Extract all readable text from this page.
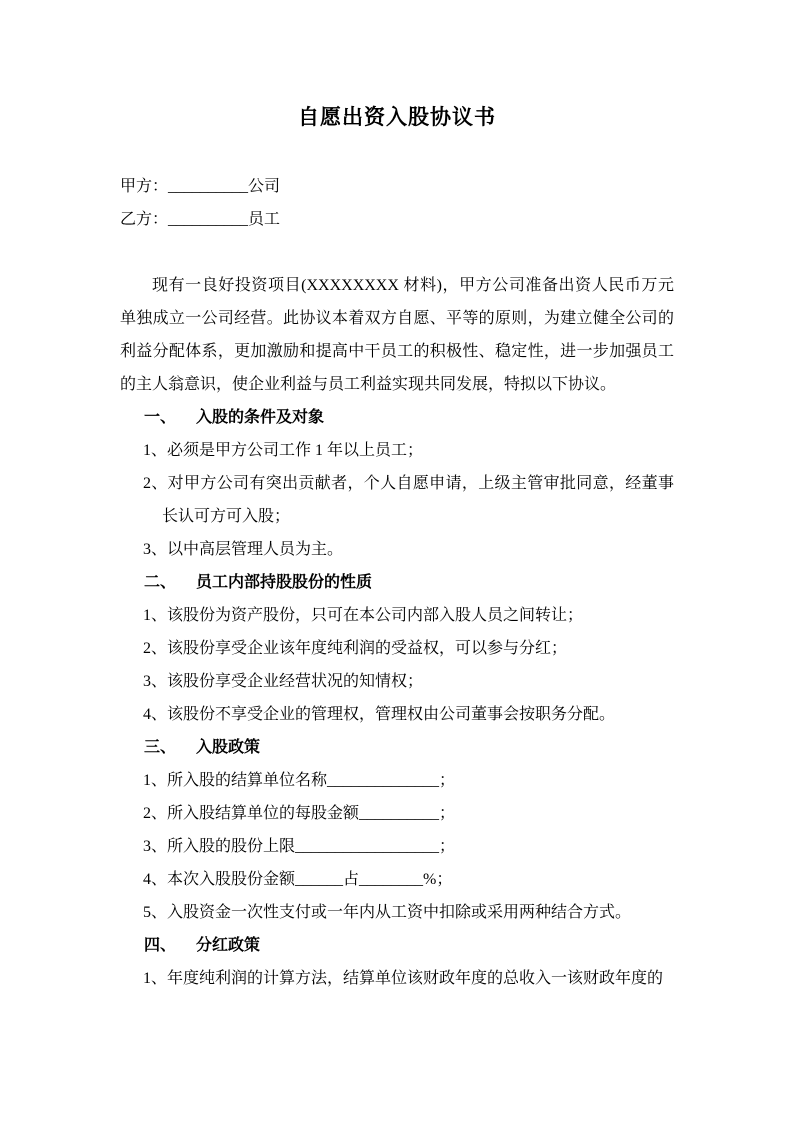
自愿出资入股协议书
甲方：__________公司
乙方：__________员工
现有一良好投资项目(XXXXXXXX 材料)，甲方公司准备出资人民币万元单独成立一公司经营。此协议本着双方自愿、平等的原则，为建立健全公司的利益分配体系，更加激励和提高中干员工的积极性、稳定性，进一步加强员工的主人翁意识，使企业利益与员工利益实现共同发展，特拟以下协议。
一、 入股的条件及对象
1、必须是甲方公司工作 1 年以上员工；
2、对甲方公司有突出贡献者，个人自愿申请，上级主管审批同意，经董事长认可方可入股；
3、以中高层管理人员为主。
二、 员工内部持股股份的性质
1、该股份为资产股份，只可在本公司内部入股人员之间转让；
2、该股份享受企业该年度纯利润的受益权，可以参与分红；
3、该股份享受企业经营状况的知情权；
4、该股份不享受企业的管理权，管理权由公司董事会按职务分配。
三、 入股政策
1、所入股的结算单位名称______________；
2、所入股结算单位的每股金额__________；
3、所入股的股份上限__________________；
4、本次入股股份金额______占________%；
5、入股资金一次性支付或一年内从工资中扣除或采用两种结合方式。
四、 分红政策
1、年度纯利润的计算方法，结算单位该财政年度的总收入一该财政年度的
